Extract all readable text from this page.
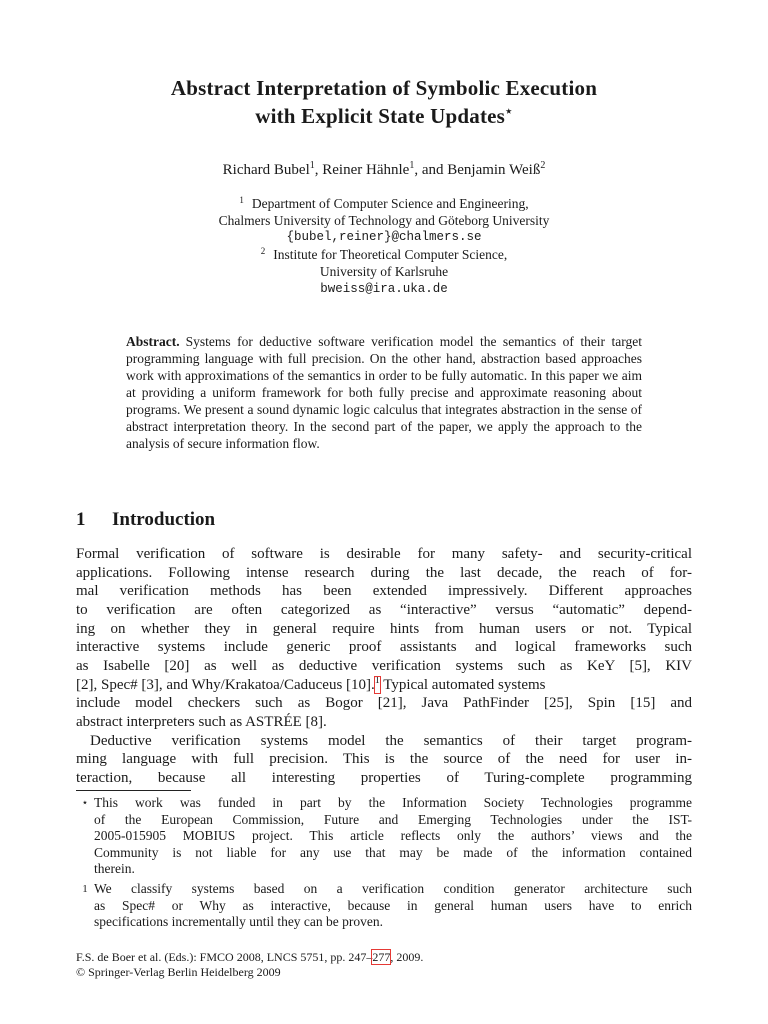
Abstract Interpretation of Symbolic Execution
with Explicit State Updates⋆
Richard Bubel$^1$, Reiner Hähnle$^1$, and Benjamin Weiß$^2$
$^1$ Department of Computer Science and Engineering,
Chalmers University of Technology and Göteborg University
{bubel,reiner}@chalmers.se
$^2$ Institute for Theoretical Computer Science,
University of Karlsruhe
bweiss@ira.uka.de
Abstract. Systems for deductive software verification model the semantics of their target programming language with full precision. On the other hand, abstraction based approaches work with approximations of the semantics in order to be fully automatic. In this paper we aim at providing a uniform framework for both fully precise and approximate reasoning about programs. We present a sound dynamic logic calculus that integrates abstraction in the sense of abstract interpretation theory. In the second part of the paper, we apply the approach to the analysis of secure information flow.
1 Introduction
Formal verification of software is desirable for many safety- and security-critical
applications. Following intense research during the last decade, the reach of for-
mal verification methods has been extended impressively. Different approaches
to verification are often categorized as “interactive” versus “automatic” depend-
ing on whether they in general require hints from human users or not. Typical
interactive systems include generic proof assistants and logical frameworks such
as Isabelle [20] as well as deductive verification systems such as KeY [5], KIV
[2], Spec# [3], and Why/Krakatoa/Caduceus [10].$^1$ Typical automated systems
include model checkers such as Bogor [21], Java PathFinder [25], Spin [15] and
abstract interpreters such as ASTRÉE [8].
Deductive verification systems model the semantics of their target program-
ming language with full precision. This is the source of the need for user in-
teraction, because all interesting properties of Turing-complete programming
⋆ This work was funded in part by the Information Society Technologies programme
of the European Commission, Future and Emerging Technologies under the IST-
2005-015905 MOBIUS project. This article reflects only the authors’ views and the
Community is not liable for any use that may be made of the information contained
therein.
1 We classify systems based on a verification condition generator architecture such
as Spec# or Why as interactive, because in general human users have to enrich
specifications incrementally until they can be proven.
F.S. de Boer et al. (Eds.): FMCO 2008, LNCS 5751, pp. 247–277, 2009.
© Springer-Verlag Berlin Heidelberg 2009
